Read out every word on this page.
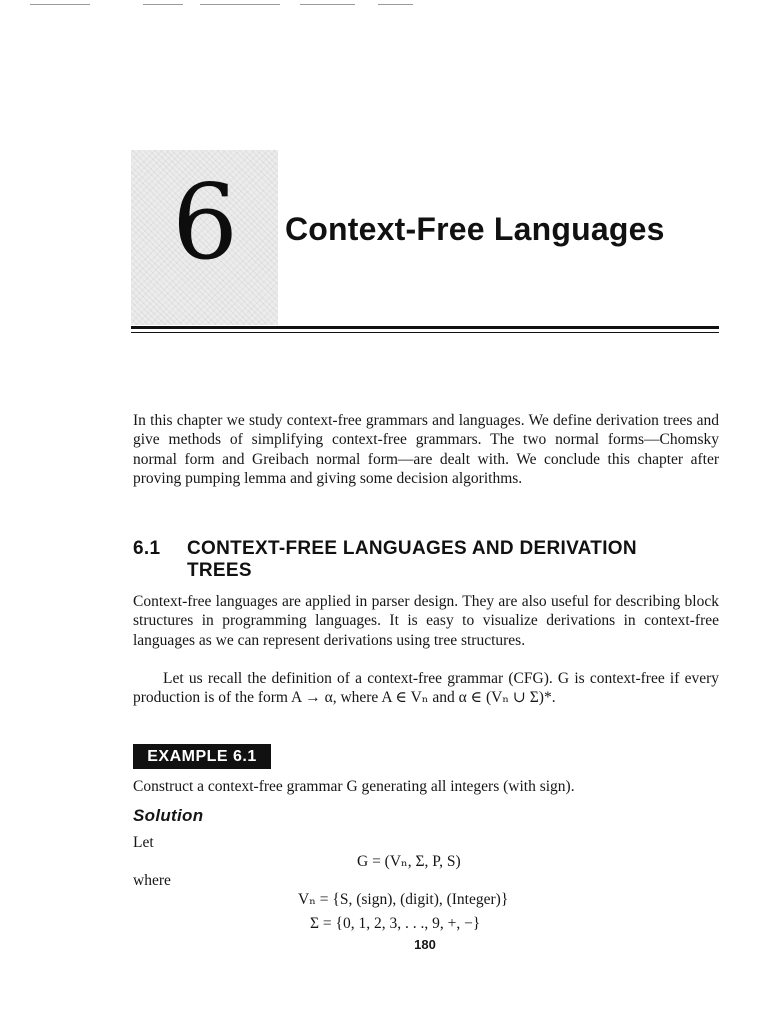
6 Context-Free Languages

In this chapter we study context-free grammars and languages. We define derivation trees and give methods of simplifying context-free grammars. The two normal forms—Chomsky normal form and Greibach normal form—are dealt with. We conclude this chapter after proving pumping lemma and giving some decision algorithms.

6.1 CONTEXT-FREE LANGUAGES AND DERIVATION
TREES

Context-free languages are applied in parser design. They are also useful for describing block structures in programming languages. It is easy to visualize derivations in context-free languages as we can represent derivations using tree structures.

Let us recall the definition of a context-free grammar (CFG). G is context-free if every production is of the form A → α, where A ∈ Vₙ and α ∈ (Vₙ ∪ Σ)*.

EXAMPLE 6.1
Construct a context-free grammar G generating all integers (with sign).
Solution
Let
G = (Vₙ, Σ, P, S)
where
Vₙ = {S, (sign), (digit), (Integer)}
Σ = {0, 1, 2, 3, . . ., 9, +, −}
180
